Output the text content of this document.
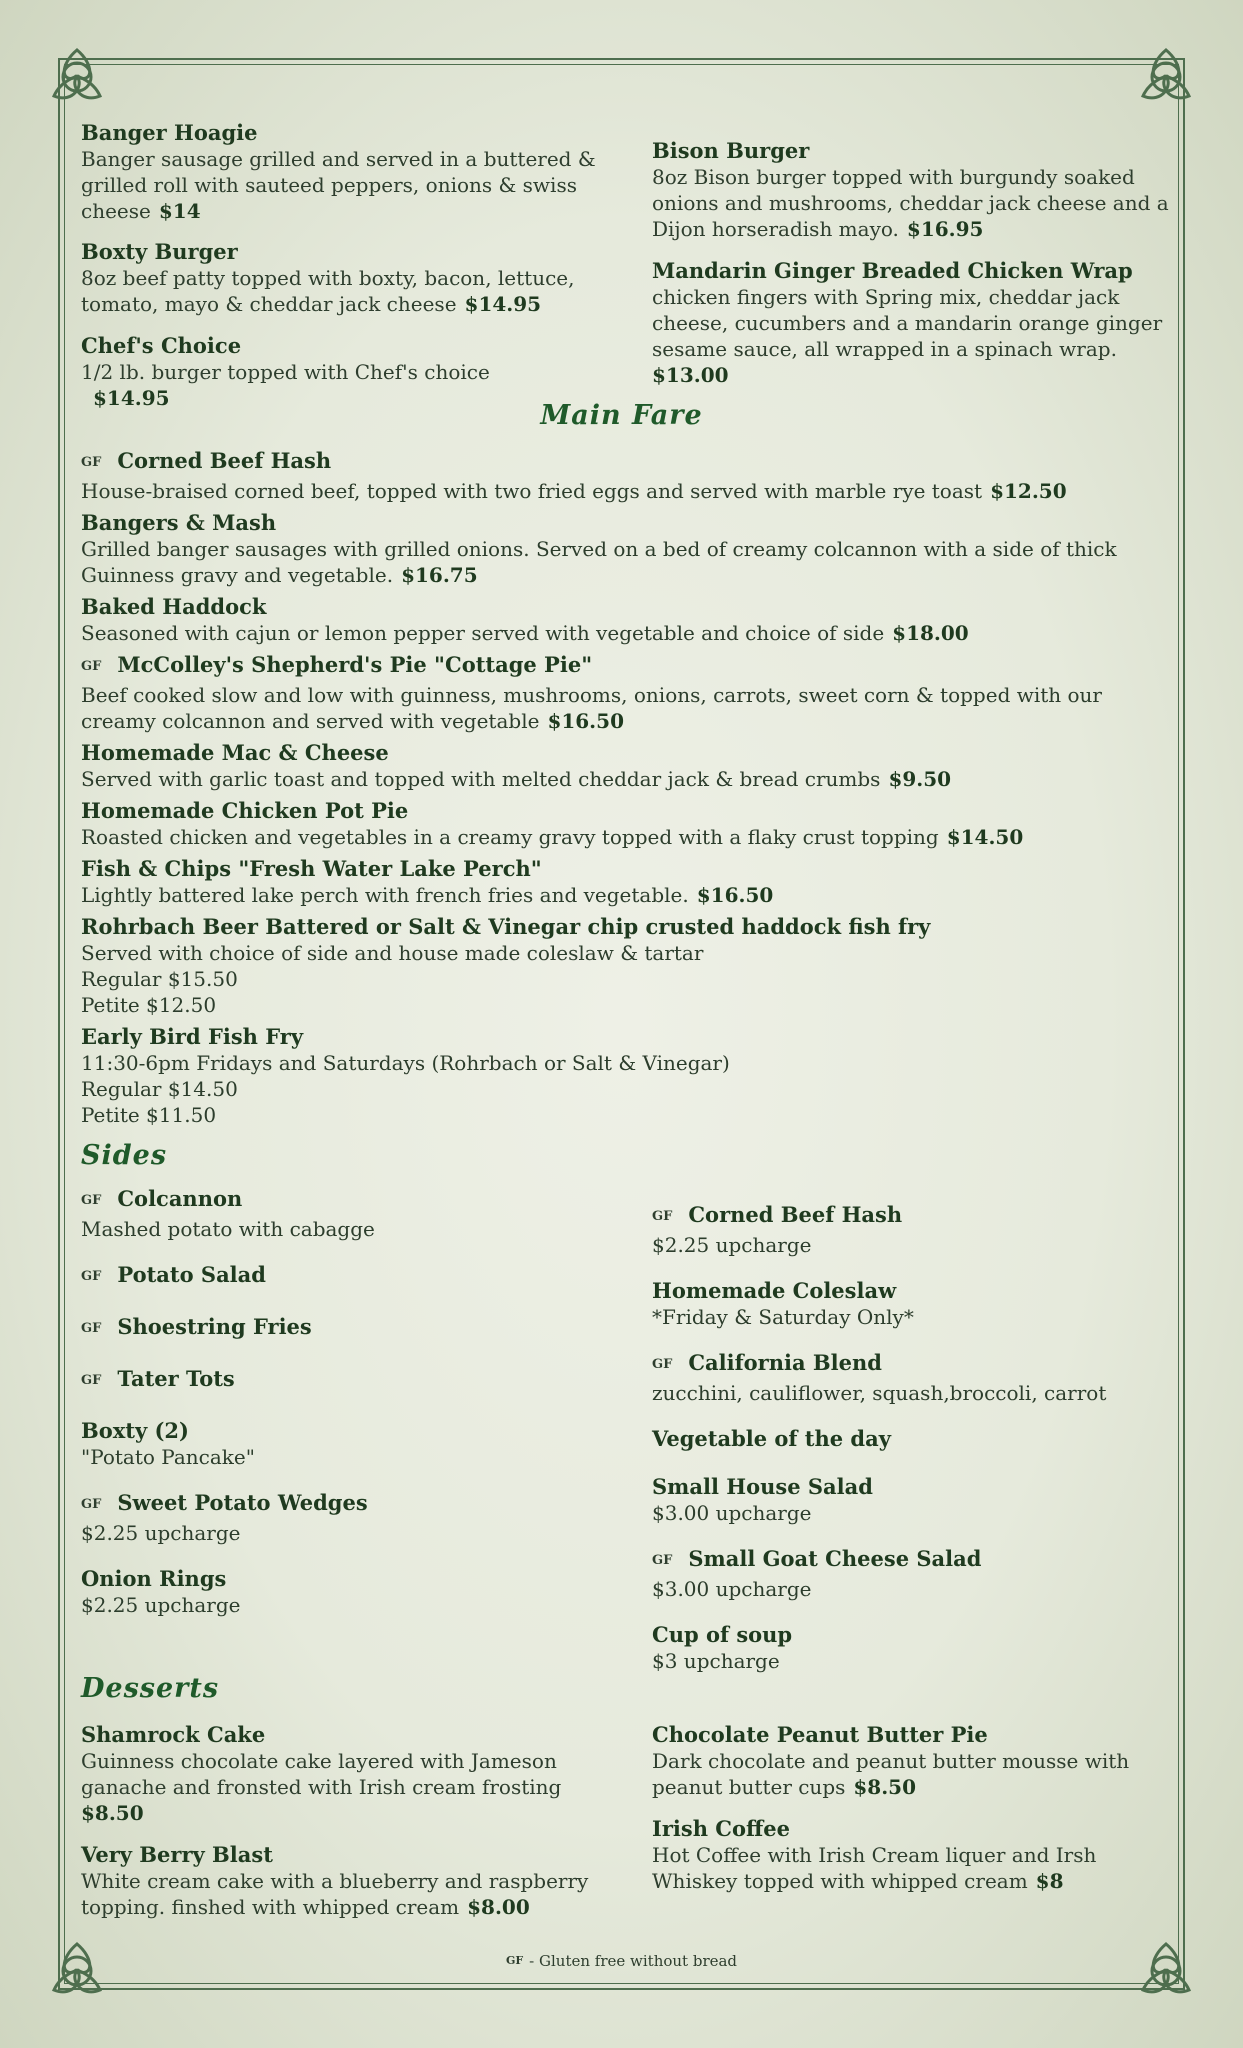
Banger Hoagie
Banger sausage grilled and served in a buttered & grilled roll with sauteed peppers, onions & swiss cheese $14
Boxty Burger
8oz beef patty topped with boxty, bacon, lettuce, tomato, mayo & cheddar jack cheese $14.95
Chef's Choice
1/2 lb. burger topped with Chef's choice
$14.95
Bison Burger
8oz Bison burger topped with burgundy soaked onions and mushrooms, cheddar jack cheese and a Dijon horseradish mayo. $16.95
Mandarin Ginger Breaded Chicken Wrap
chicken fingers with Spring mix, cheddar jack cheese, cucumbers and a mandarin orange ginger sesame sauce, all wrapped in a spinach wrap.
$13.00
Main Fare
GF Corned Beef Hash
House-braised corned beef, topped with two fried eggs and served with marble rye toast $12.50
Bangers & Mash
Grilled banger sausages with grilled onions. Served on a bed of creamy colcannon with a side of thick Guinness gravy and vegetable. $16.75
Baked Haddock
Seasoned with cajun or lemon pepper served with vegetable and choice of side $18.00
GF McColley's Shepherd's Pie "Cottage Pie"
Beef cooked slow and low with guinness, mushrooms, onions, carrots, sweet corn & topped with our creamy colcannon and served with vegetable $16.50
Homemade Mac & Cheese
Served with garlic toast and topped with melted cheddar jack & bread crumbs $9.50
Homemade Chicken Pot Pie
Roasted chicken and vegetables in a creamy gravy topped with a flaky crust topping $14.50
Fish & Chips "Fresh Water Lake Perch"
Lightly battered lake perch with french fries and vegetable. $16.50
Rohrbach Beer Battered or Salt & Vinegar chip crusted haddock fish fry
Served with choice of side and house made coleslaw & tartar
Regular $15.50
Petite $12.50
Early Bird Fish Fry
11:30-6pm Fridays and Saturdays (Rohrbach or Salt & Vinegar)
Regular $14.50
Petite $11.50
Sides
GF Colcannon
Mashed potato with cabagge
GF Potato Salad
GF Shoestring Fries
GF Tater Tots
Boxty (2)
"Potato Pancake"
GF Sweet Potato Wedges
$2.25 upcharge
Onion Rings
$2.25 upcharge
GF Corned Beef Hash
$2.25 upcharge
Homemade Coleslaw
*Friday & Saturday Only*
GF California Blend
zucchini, cauliflower, squash,broccoli, carrot
Vegetable of the day
Small House Salad
$3.00 upcharge
GF Small Goat Cheese Salad
$3.00 upcharge
Cup of soup
$3 upcharge
Desserts
Shamrock Cake
Guinness chocolate cake layered with Jameson ganache and fronsted with Irish cream frosting
$8.50
Very Berry Blast
White cream cake with a blueberry and raspberry topping. finshed with whipped cream $8.00
Chocolate Peanut Butter Pie
Dark chocolate and peanut butter mousse with peanut butter cups $8.50
Irish Coffee
Hot Coffee with Irish Cream liquer and Irsh Whiskey topped with whipped cream $8
GF - Gluten free without bread
